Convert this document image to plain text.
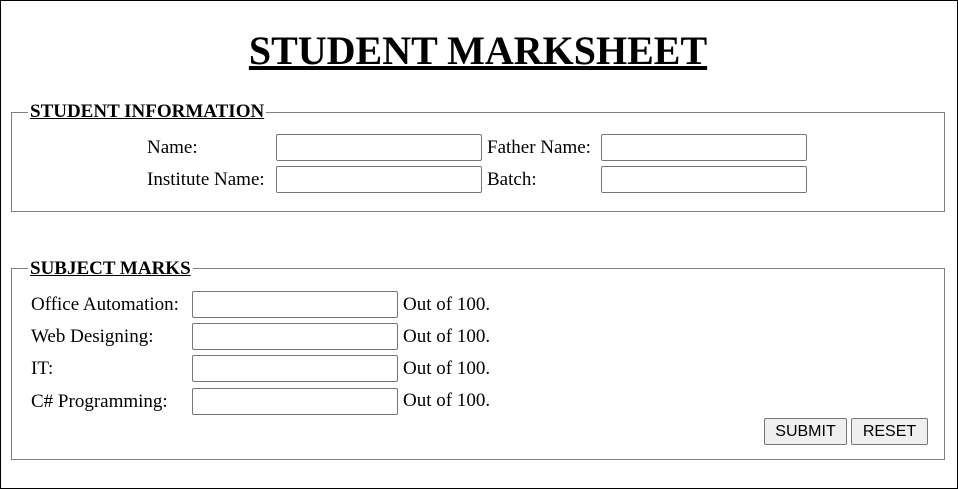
STUDENT MARKSHEET
STUDENT INFORMATION
Name:	Father Name:
Institute Name:	Batch:
SUBJECT MARKS
Office Automation:	Out of 100.
Web Designing:	Out of 100.
IT:	Out of 100.
C# Programming:	Out of 100.
SUBMIT	RESET
